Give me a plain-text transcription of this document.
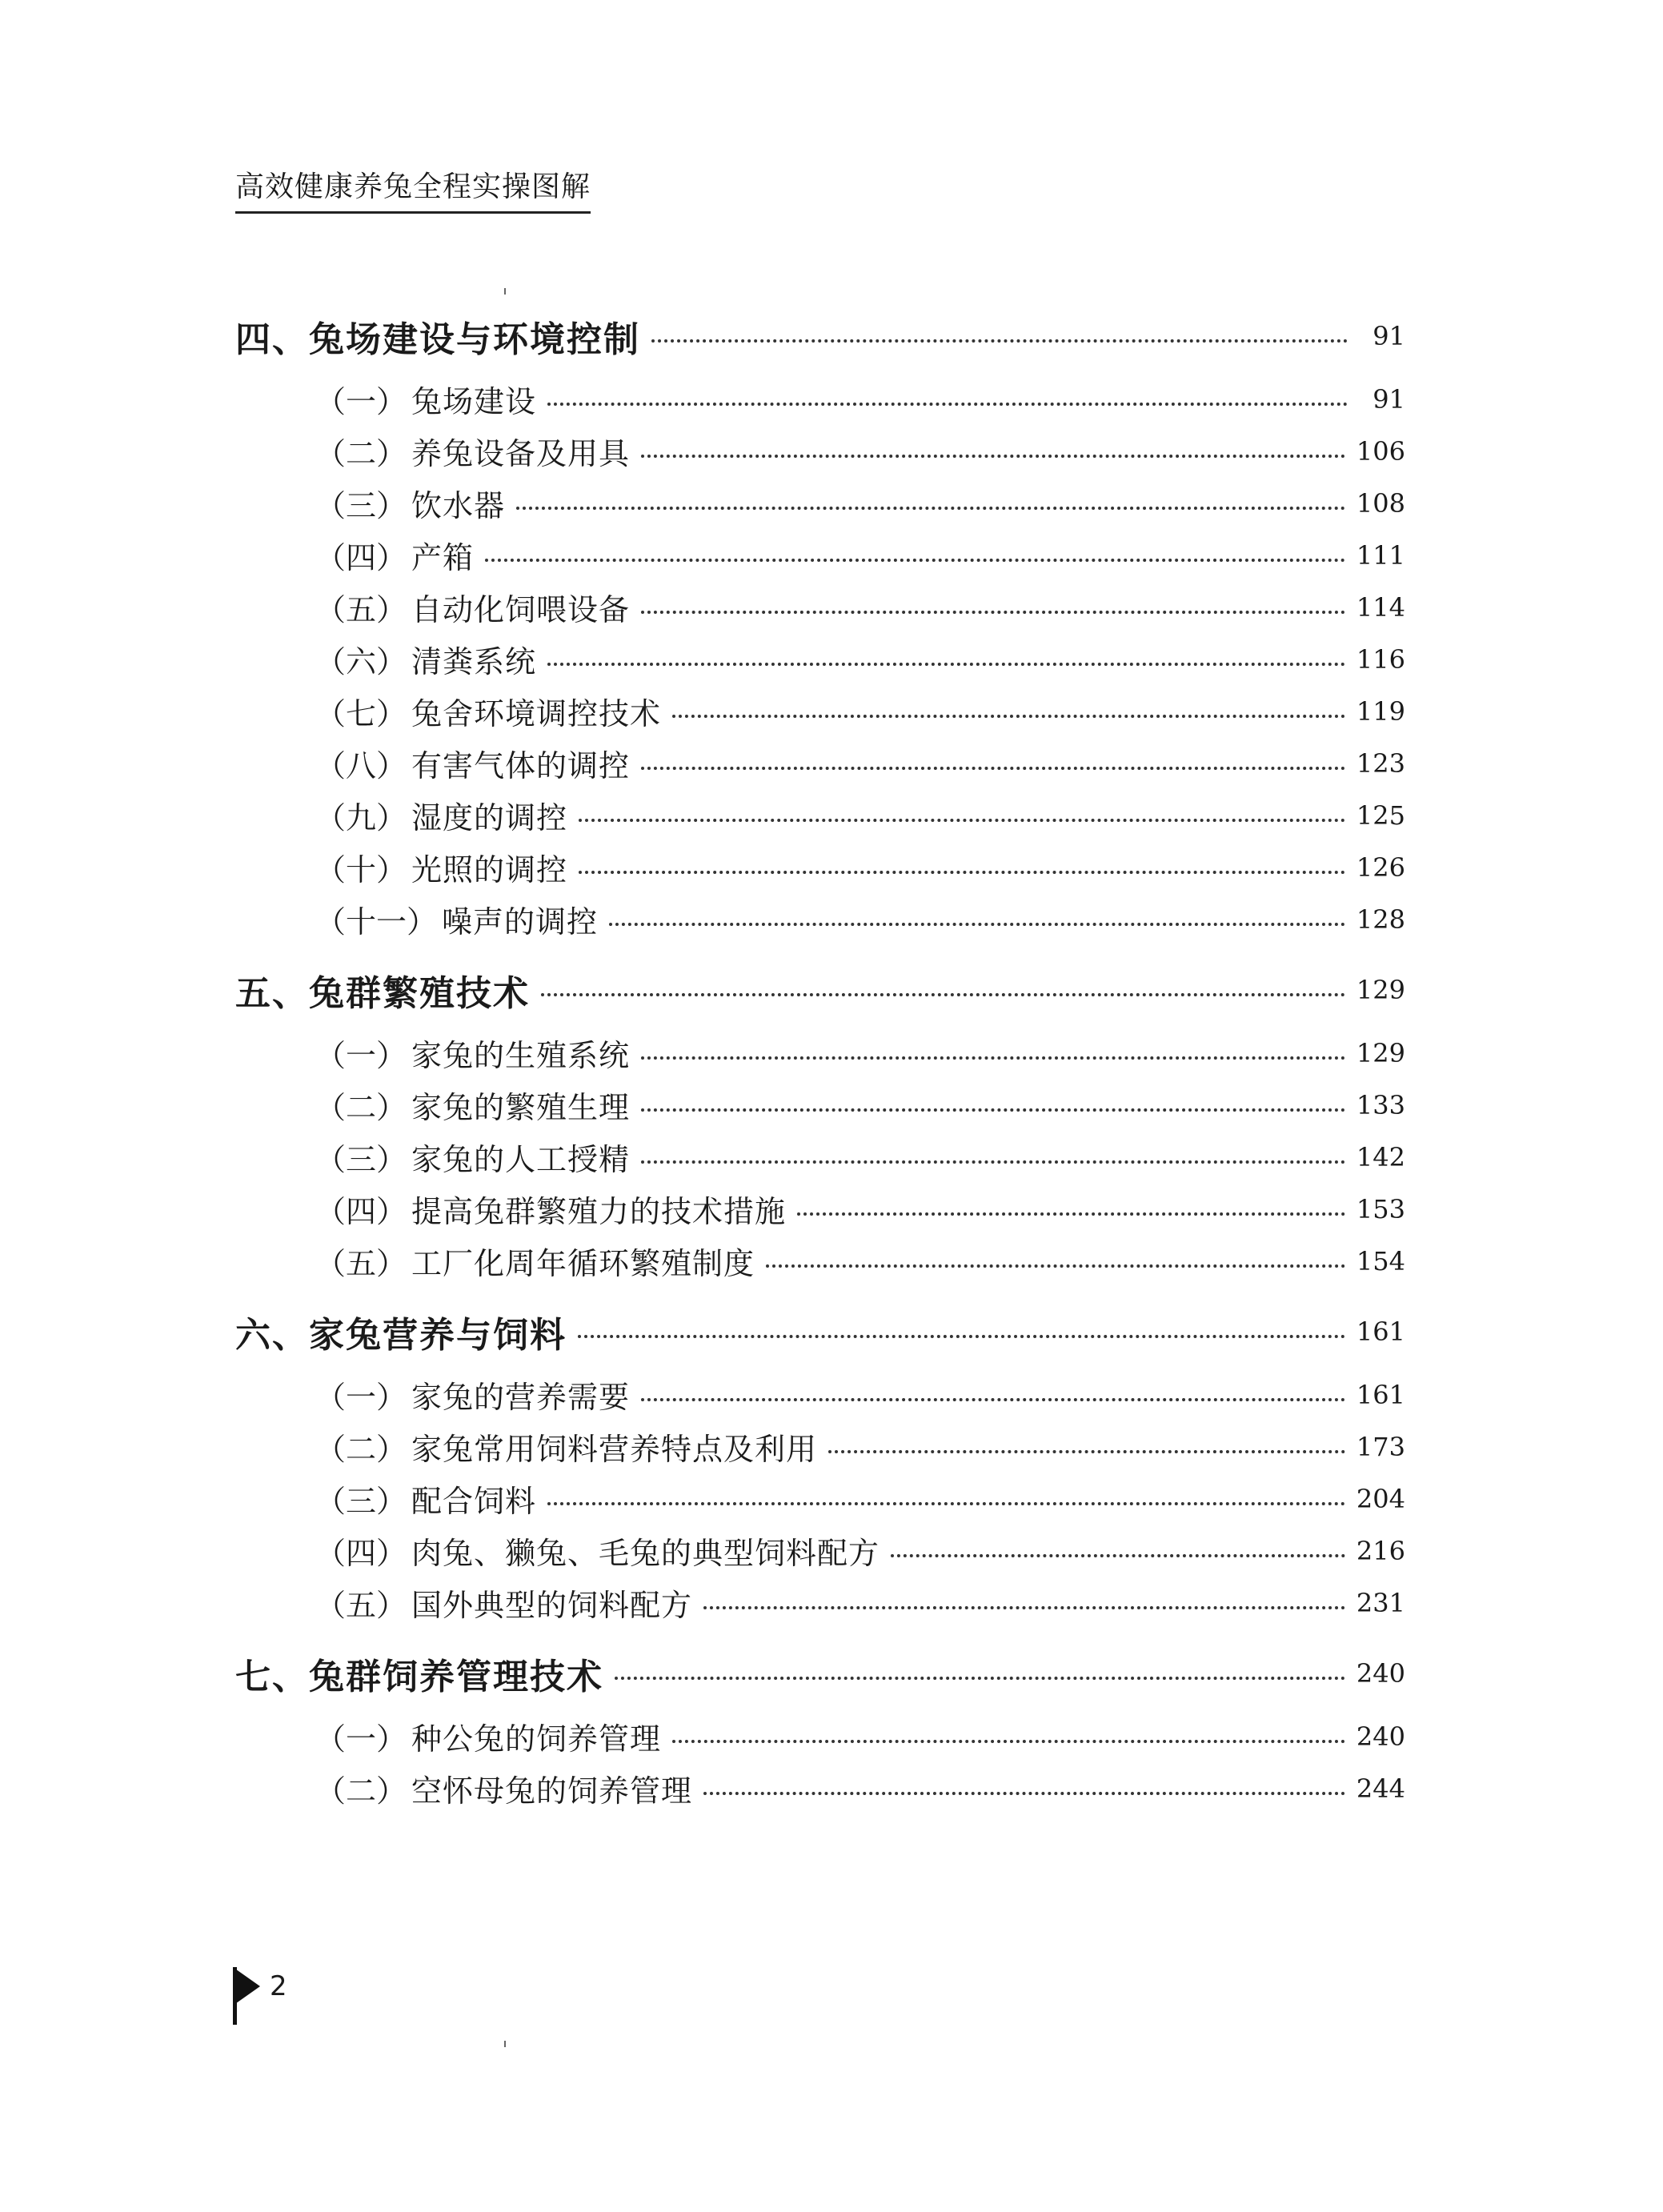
高效健康养兔全程实操图解
四、兔场建设与环境控制	91
（一） 兔场建设	91
（二） 养兔设备及用具	106
（三） 饮水器	108
（四） 产箱	111
（五） 自动化饲喂设备	114
（六） 清粪系统	116
（七） 兔舍环境调控技术	119
（八） 有害气体的调控	123
（九） 湿度的调控	125
（十） 光照的调控	126
（十一） 噪声的调控	128
五、兔群繁殖技术	129
（一） 家兔的生殖系统	129
（二） 家兔的繁殖生理	133
（三） 家兔的人工授精	142
（四） 提高兔群繁殖力的技术措施	153
（五） 工厂化周年循环繁殖制度	154
六、家兔营养与饲料	161
（一） 家兔的营养需要	161
（二） 家兔常用饲料营养特点及利用	173
（三） 配合饲料	204
（四） 肉兔、獭兔、毛兔的典型饲料配方	216
（五） 国外典型的饲料配方	231
七、兔群饲养管理技术	240
（一） 种公兔的饲养管理	240
（二） 空怀母兔的饲养管理	244
2
